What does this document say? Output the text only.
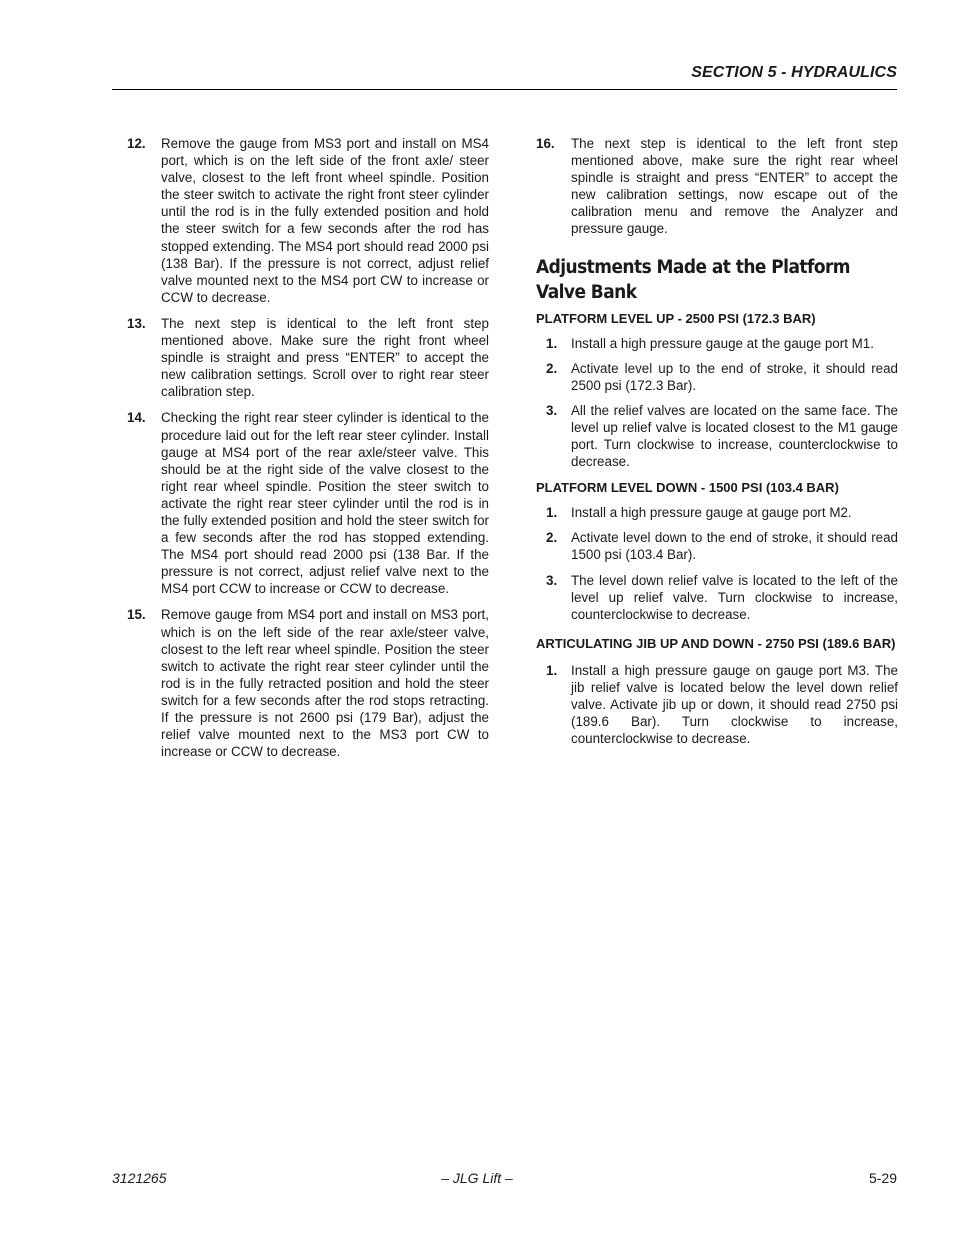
SECTION 5 - HYDRAULICS
12.	Remove the gauge from MS3 port and install on MS4 port, which is on the left side of the front axle/ steer valve, closest to the left front wheel spindle. Position the steer switch to activate the right front steer cylinder until the rod is in the fully extended position and hold the steer switch for a few seconds after the rod has stopped extending. The MS4 port should read 2000 psi (138 Bar). If the pressure is not correct, adjust relief valve mounted next to the MS4 port CW to increase or CCW to decrease.
13.	The next step is identical to the left front step mentioned above. Make sure the right front wheel spindle is straight and press “ENTER” to accept the new calibration settings. Scroll over to right rear steer calibration step.
14.	Checking the right rear steer cylinder is identical to the procedure laid out for the left rear steer cylinder. Install gauge at MS4 port of the rear axle/steer valve. This should be at the right side of the valve closest to the right rear wheel spindle. Position the steer switch to activate the right rear steer cylinder until the rod is in the fully extended position and hold the steer switch for a few seconds after the rod has stopped extending. The MS4 port should read 2000 psi (138 Bar. If the pressure is not correct, adjust relief valve next to the MS4 port CCW to increase or CCW to decrease.
15.	Remove gauge from MS4 port and install on MS3 port, which is on the left side of the rear axle/steer valve, closest to the left rear wheel spindle. Position the steer switch to activate the right rear steer cylinder until the rod is in the fully retracted position and hold the steer switch for a few seconds after the rod stops retracting. If the pressure is not 2600 psi (179 Bar), adjust the relief valve mounted next to the MS3 port CW to increase or CCW to decrease.
16.	The next step is identical to the left front step mentioned above, make sure the right rear wheel spindle is straight and press “ENTER” to accept the new calibration settings, now escape out of the calibration menu and remove the Analyzer and pressure gauge.
Adjustments Made at the Platform Valve Bank
PLATFORM LEVEL UP - 2500 PSI (172.3 BAR)
1.	Install a high pressure gauge at the gauge port M1.
2.	Activate level up to the end of stroke, it should read 2500 psi (172.3 Bar).
3.	All the relief valves are located on the same face. The level up relief valve is located closest to the M1 gauge port. Turn clockwise to increase, counterclockwise to decrease.
PLATFORM LEVEL DOWN - 1500 PSI (103.4 BAR)
1.	Install a high pressure gauge at gauge port M2.
2.	Activate level down to the end of stroke, it should read 1500 psi (103.4 Bar).
3.	The level down relief valve is located to the left of the level up relief valve. Turn clockwise to increase, counterclockwise to decrease.
ARTICULATING JIB UP AND DOWN - 2750 PSI (189.6 BAR)
1.	Install a high pressure gauge on gauge port M3. The jib relief valve is located below the level down relief valve. Activate jib up or down, it should read 2750 psi (189.6 Bar). Turn clockwise to increase, counterclockwise to decrease.
3121265	– JLG Lift –	5-29
